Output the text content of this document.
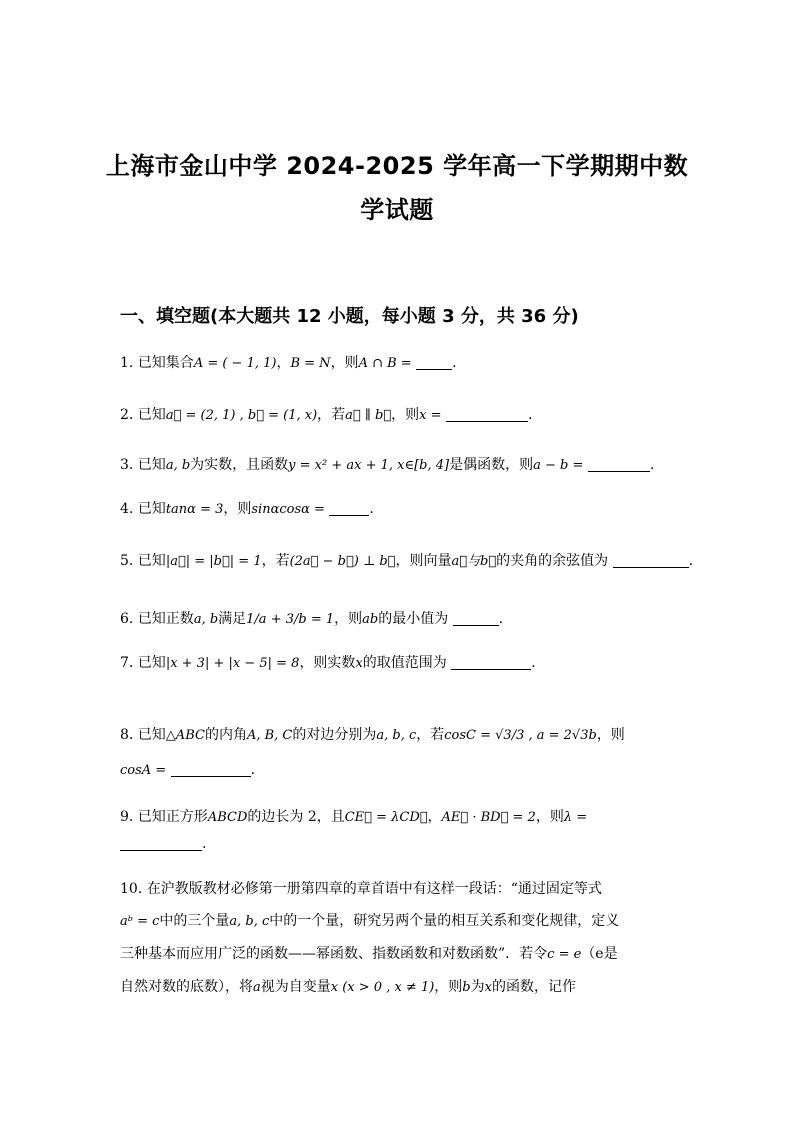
上海市金山中学 2024-2025 学年高一下学期期中数
学试题
一、填空题(本大题共 12 小题，每小题 3 分，共 36 分)
1. 已知集合A = ( − 1, 1)，B = N，则A ∩ B =	.
2. 已知a⃗ = (2, 1) , b⃗ = (1, x)，若a⃗ ∥ b⃗，则x =	.
3. 已知a, b为实数，且函数y = x² + ax + 1, x∈[b, 4]是偶函数，则a − b =	.
4. 已知tanα = 3，则sinαcosα =	.
5. 已知|a⃗| = |b⃗| = 1，若(2a⃗ − b⃗) ⊥ b⃗，则向量a⃗与b⃗的夹角的余弦值为	.
6. 已知正数a, b满足1/a + 3/b = 1，则ab的最小值为	.
7. 已知|x + 3| + |x − 5| = 8，则实数x的取值范围为	.
8. 已知△ABC的内角A, B, C的对边分别为a, b, c，若cosC = √3/3 , a = 2√3b，则
cosA =	.
9. 已知正方形ABCD的边长为 2，且CE⃗ = λCD⃗，AE⃗ · BD⃗ = 2，则λ =
.
10. 在沪教版教材必修第一册第四章的章首语中有这样一段话：“通过固定等式
aᵇ = c中的三个量a, b, c中的一个量，研究另两个量的相互关系和变化规律，定义
三种基本而应用广泛的函数——幂函数、指数函数和对数函数”．若令c = e（e是
自然对数的底数），将a视为自变量x (x > 0 , x ≠ 1)，则b为x的函数，记作
